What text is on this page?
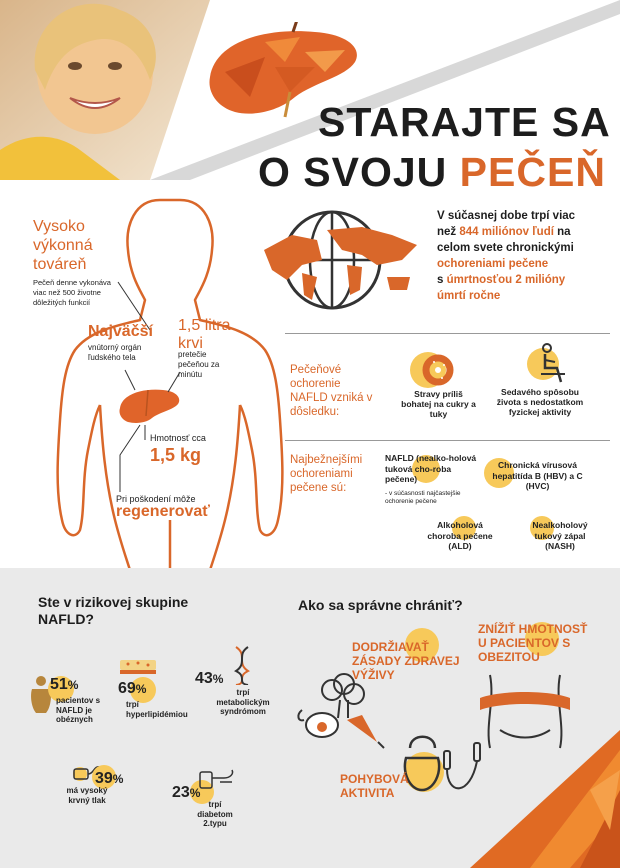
STARAJTE SA
O SVOJU PEČEŇ
Vysoko výkonná továreň
Pečeň denne vykonáva viac než 500 životne dôležitých funkcií
Najväčší
vnútorný orgán ľudského tela
1,5 litra krvi
pretečie pečeňou za minútu
Hmotnosť cca
1,5 kg
Pri poškodení môže
regenerovať
V súčasnej dobe trpí viac
než 844 miliónov ľudí na
celom svete chronickými
ochoreniami pečene
s úmrtnosťou 2 milióny
úmrtí ročne
Pečeňové ochorenie NAFLD vzniká v dôsledku:
Stravy príliš bohatej na cukry a tuky
Sedavého spôsobu života s nedostatkom fyzickej aktivity
Najbežnejšími ochoreniami pečene sú:
NAFLD (nealko-holová tuková cho-roba pečene)
- v súčasnosti najčastejšie ochorenie pečene
Chronická vírusová hepatitída B (HBV) a C (HVC)
Alkoholová choroba pečene (ALD)
Nealkoholový tukový zápal (NASH)
Ste v rizikovej skupine NAFLD?
51%
pacientov s NAFLD je obéznych
69%
trpí hyperlipidémiou
43%
trpí metabolickým syndrómom
39%
má vysoký krvný tlak	23%
trpí diabetom 2.typu
Ako sa správne chrániť?
DODRŽIAVAŤ ZÁSADY ZDRAVEJ VÝŽIVY
ZNÍŽIŤ HMOTNOSŤ U PACIENTOV S OBEZITOU
POHYBOVÁ AKTIVITA
